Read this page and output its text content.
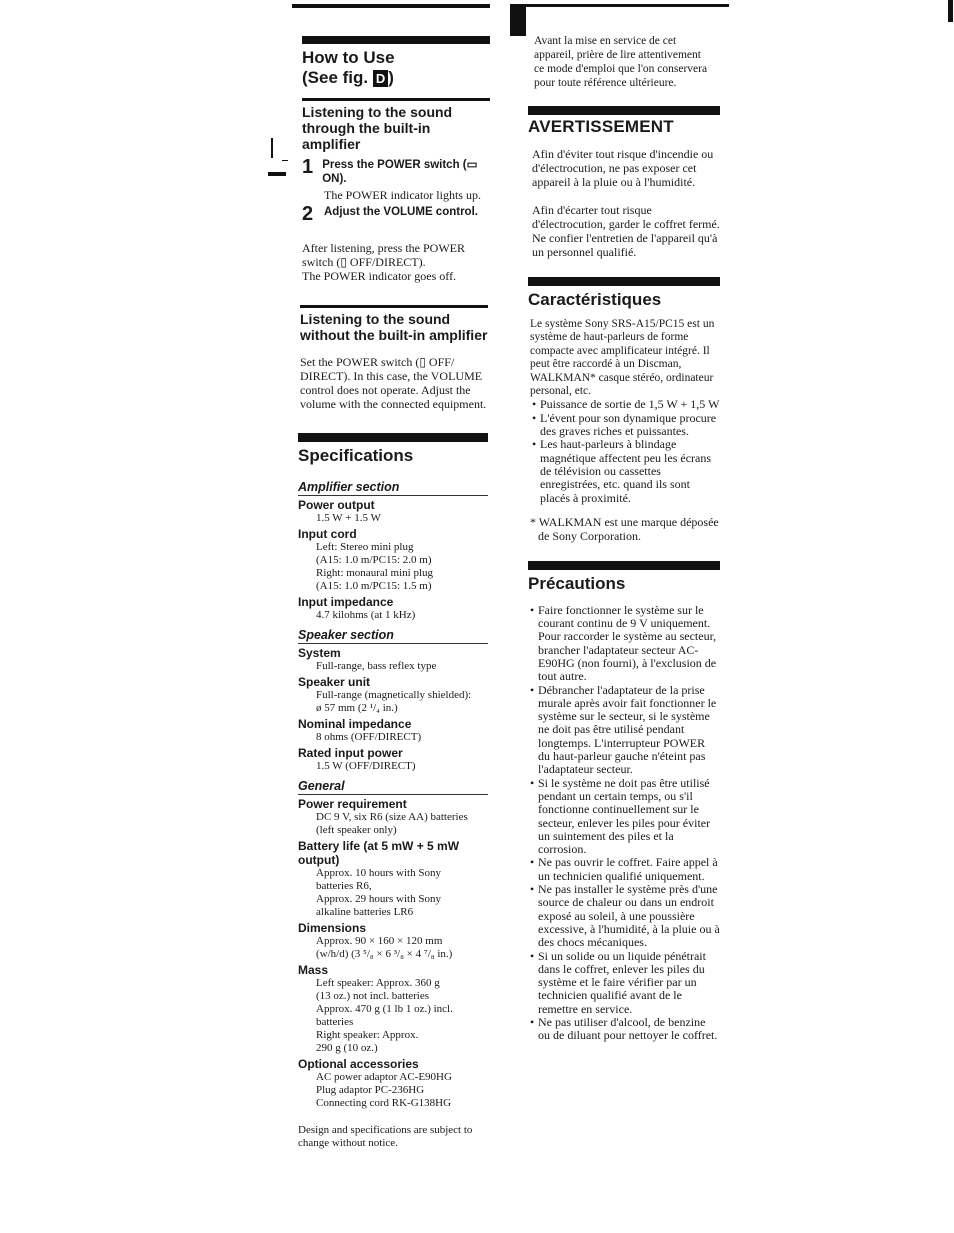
How to Use
(See fig. D )
Listening to the sound through the built-in amplifier
1 Press the POWER switch (▭ ON).
The POWER indicator lights up.
2 Adjust the VOLUME control.
After listening, press the POWER switch (▯ OFF/DIRECT).
The POWER indicator goes off.
Listening to the sound without the built-in amplifier
Set the POWER switch (▯ OFF/ DIRECT). In this case, the VOLUME control does not operate. Adjust the volume with the connected equipment.
Specifications
Amplifier section
Power output
1.5 W + 1.5 W
Input cord
Left: Stereo mini plug
(A15: 1.0 m/PC15: 2.0 m)
Right: monaural mini plug
(A15: 1.0 m/PC15: 1.5 m)
Input impedance
4.7 kilohms (at 1 kHz)
Speaker section
System
Full-range, bass reflex type
Speaker unit
Full-range (magnetically shielded):
ø 57 mm (2 ¹/₄ in.)
Nominal impedance
8 ohms (OFF/DIRECT)
Rated input power
1.5 W (OFF/DIRECT)
General
Power requirement
DC 9 V, six R6 (size AA) batteries
(left speaker only)
Battery life (at 5 mW + 5 mW output)
Approx. 10 hours with Sony
batteries R6,
Approx. 29 hours with Sony
alkaline batteries LR6
Dimensions
Approx. 90 × 160 × 120 mm
(w/h/d) (3 ⁵/₈ × 6 ³/₈ × 4 ⁷/₈ in.)
Mass
Left speaker: Approx. 360 g
(13 oz.) not incl. batteries
Approx. 470 g (1 lb 1 oz.) incl.
batteries
Right speaker: Approx.
290 g (10 oz.)
Optional accessories
AC power adaptor AC-E90HG
Plug adaptor PC-236HG
Connecting cord RK-G138HG
Design and specifications are subject to change without notice.
Avant la mise en service de cet appareil, prière de lire attentivement ce mode d'emploi que l'on conservera pour toute référence ultérieure.
AVERTISSEMENT
Afin d'éviter tout risque d'incendie ou d'électrocution, ne pas exposer cet appareil à la pluie ou à l'humidité.
Afin d'écarter tout risque d'électrocution, garder le coffret fermé. Ne confier l'entretien de l'appareil qu'à un personnel qualifié.
Caractéristiques
Le système Sony SRS-A15/PC15 est un système de haut-parleurs de forme compacte avec amplificateur intégré. Il peut être raccordé à un Discman, WALKMAN* casque stéréo, ordinateur personal, etc.
• Puissance de sortie de 1,5 W + 1,5 W
• L'évent pour son dynamique procure des graves riches et puissantes.
• Les haut-parleurs à blindage magnétique affectent peu les écrans de télévision ou cassettes enregistrées, etc. quand ils sont placés à proximité.
* WALKMAN est une marque déposée de Sony Corporation.
Précautions
• Faire fonctionner le système sur le courant continu de 9 V uniquement. Pour raccorder le système au secteur, brancher l'adaptateur secteur AC-E90HG (non fourni), à l'exclusion de tout autre.
• Débrancher l'adaptateur de la prise murale après avoir fait fonctionner le système sur le secteur, si le système ne doit pas être utilisé pendant longtemps. L'interrupteur POWER du haut-parleur gauche n'éteint pas l'adaptateur secteur.
• Si le système ne doit pas être utilisé pendant un certain temps, ou s'il fonctionne continuellement sur le secteur, enlever les piles pour éviter un suintement des piles et la corrosion.
• Ne pas ouvrir le coffret. Faire appel à un technicien qualifié uniquement.
• Ne pas installer le système près d'une source de chaleur ou dans un endroit exposé au soleil, à une poussière excessive, à l'humidité, à la pluie ou à des chocs mécaniques.
• Si un solide ou un liquide pénétrait dans le coffret, enlever les piles du système et le faire vérifier par un technicien qualifié avant de le remettre en service.
• Ne pas utiliser d'alcool, de benzine ou de diluant pour nettoyer le coffret.
